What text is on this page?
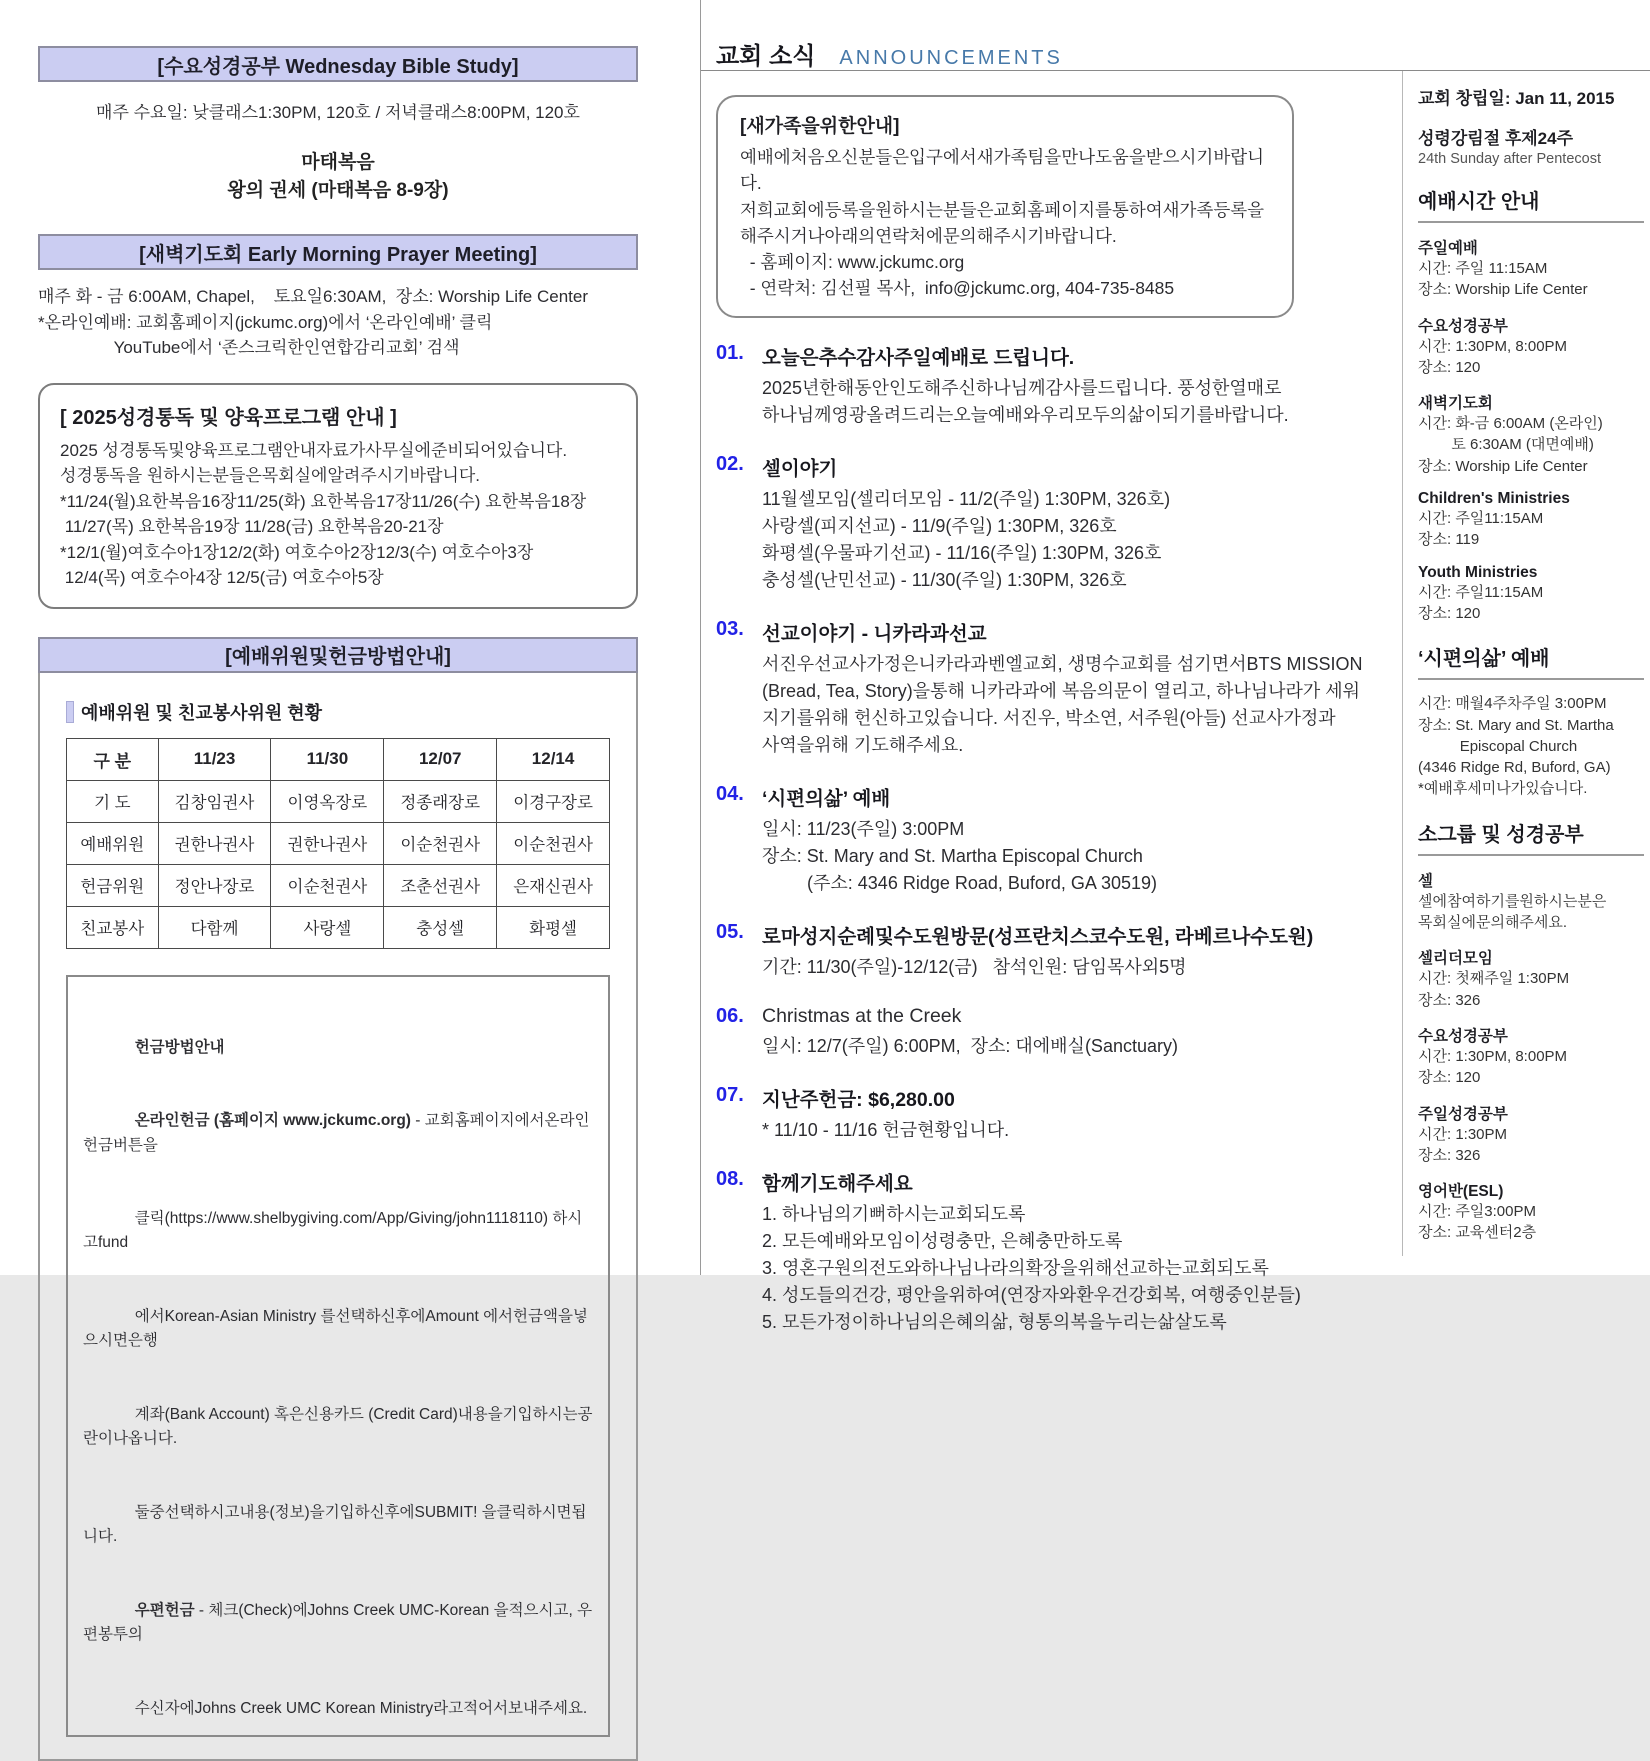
[수요성경공부 Wednesday Bible Study]
매주 수요일: 낮클래스1:30PM, 120호 / 저녁클래스8:00PM, 120호
마태복음
왕의 권세 (마태복음 8-9장)
[새벽기도회 Early Morning Prayer Meeting]
매주 화 - 금 6:00AM, Chapel,    토요일6:30AM,  장소: Worship Life Center
*온라인예배: 교회홈페이지(jckumc.org)에서 ‘온라인예배’ 클릭
YouTube에서 ‘존스크릭한인연합감리교회’ 검색
[ 2025성경통독 및 양육프로그램 안내 ]
2025 성경통독및양육프로그램안내자료가사무실에준비되어있습니다.
성경통독을 원하시는분들은목회실에알려주시기바랍니다.
*11/24(월)요한복음16장11/25(화) 요한복음17장11/26(수) 요한복음18장
11/27(목) 요한복음19장 11/28(금) 요한복음20-21장
*12/1(월)여호수아1장12/2(화) 여호수아2장12/3(수) 여호수아3장
12/4(목) 여호수아4장 12/5(금) 여호수아5장
[예배위원및헌금방법안내]
예배위원 및 친교봉사위원 현황
구 분	11/23	11/30	12/07	12/14
기 도	김창임권사	이영옥장로	정종래장로	이경구장로
예배위원	권한나권사	권한나권사	이순천권사	이순천권사
헌금위원	정안나장로	이순천권사	조춘선권사	은재신권사
친교봉사	다함께	사랑셀	충성셀	화평셀

헌금방법안내

온라인헌금 (홈페이지 www.jckumc.org) - 교회홈페이지에서온라인헌금버튼을

클릭(https://www.shelbygiving.com/App/Giving/john1118110) 하시고fund

에서Korean-Asian Ministry 를선택하신후에Amount 에서헌금액을넣으시면은행

계좌(Bank Account) 혹은신용카드 (Credit Card)내용을기입하시는공란이나옵니다.

둘중선택하시고내용(정보)을기입하신후에SUBMIT! 을클릭하시면됩니다.

우편헌금 - 체크(Check)에Johns Creek UMC-Korean 을적으시고, 우편봉투의

수신자에Johns Creek UMC Korean Ministry라고적어서보내주세요.
교회 소식 ANNOUNCEMENTS
[새가족을위한안내]
예배에처음오신분들은입구에서새가족팀을만나도움을받으시기바랍니다.
저희교회에등록을원하시는분들은교회홈페이지를통하여새가족등록을
해주시거나아래의연락처에문의해주시기바랍니다.
- 홈페이지: www.jckumc.org
- 연락처: 김선필 목사,  info@jckumc.org, 404-735-8485
01. 오늘은추수감사주일예배로 드립니다.
2025년한해동안인도해주신하나님께감사를드립니다. 풍성한열매로
하나님께영광올려드리는오늘예배와우리모두의삶이되기를바랍니다.
02. 셀이야기
11월셀모임(셀리더모임 - 11/2(주일) 1:30PM, 326호)
사랑셀(피지선교) - 11/9(주일) 1:30PM, 326호
화평셀(우물파기선교) - 11/16(주일) 1:30PM, 326호
충성셀(난민선교) - 11/30(주일) 1:30PM, 326호
03. 선교이야기 - 니카라과선교
서진우선교사가정은니카라과벤엘교회, 생명수교회를 섬기면서BTS MISSION
(Bread, Tea, Story)을통해 니카라과에 복음의문이 열리고, 하나님나라가 세워
지기를위해 헌신하고있습니다. 서진우, 박소연, 서주원(아들) 선교사가정과
사역을위해 기도해주세요.
04. ‘시편의삶’ 예배
일시: 11/23(주일) 3:00PM
장소: St. Mary and St. Martha Episcopal Church
(주소: 4346 Ridge Road, Buford, GA 30519)
05. 로마성지순례및수도원방문(성프란치스코수도원, 라베르나수도원)
기간: 11/30(주일)-12/12(금)   참석인원: 담임목사외5명
06. Christmas at the Creek
일시: 12/7(주일) 6:00PM,  장소: 대에배실(Sanctuary)
07. 지난주헌금: $6,280.00
* 11/10 - 11/16 헌금현황입니다.
08. 함께기도해주세요
1. 하나님의기뻐하시는교회되도록
2. 모든예배와모임이성령충만, 은혜충만하도록
3. 영혼구원의전도와하나님나라의확장을위해선교하는교회되도록
4. 성도들의건강, 평안을위하여(연장자와환우건강회복, 여행중인분들)
5. 모든가정이하나님의은혜의삶, 형통의복을누리는삶살도록
교회 창립일: Jan 11, 2015
성령강림절 후제24주
24th Sunday after Pentecost
예배시간 안내
주일예배
시간: 주일 11:15AM
장소: Worship Life Center
수요성경공부
시간: 1:30PM, 8:00PM
장소: 120
새벽기도회
시간: 화-금 6:00AM (온라인)
토 6:30AM (대면예배)
장소: Worship Life Center
Children's Ministries
시간: 주일11:15AM
장소: 119
Youth Ministries
시간: 주일11:15AM
장소: 120
‘시편의삶’ 예배
시간: 매월4주차주일 3:00PM
장소: St. Mary and St. Martha
Episcopal Church
(4346 Ridge Rd, Buford, GA)
*예배후세미나가있습니다.
소그룹 및 성경공부
셀
셀에참여하기를원하시는분은
목회실에문의해주세요.
셀리더모임
시간: 첫째주일 1:30PM
장소: 326
수요성경공부
시간: 1:30PM, 8:00PM
장소: 120
주일성경공부
시간: 1:30PM
장소: 326
영어반(ESL)
시간: 주일3:00PM
장소: 교육센터2층
